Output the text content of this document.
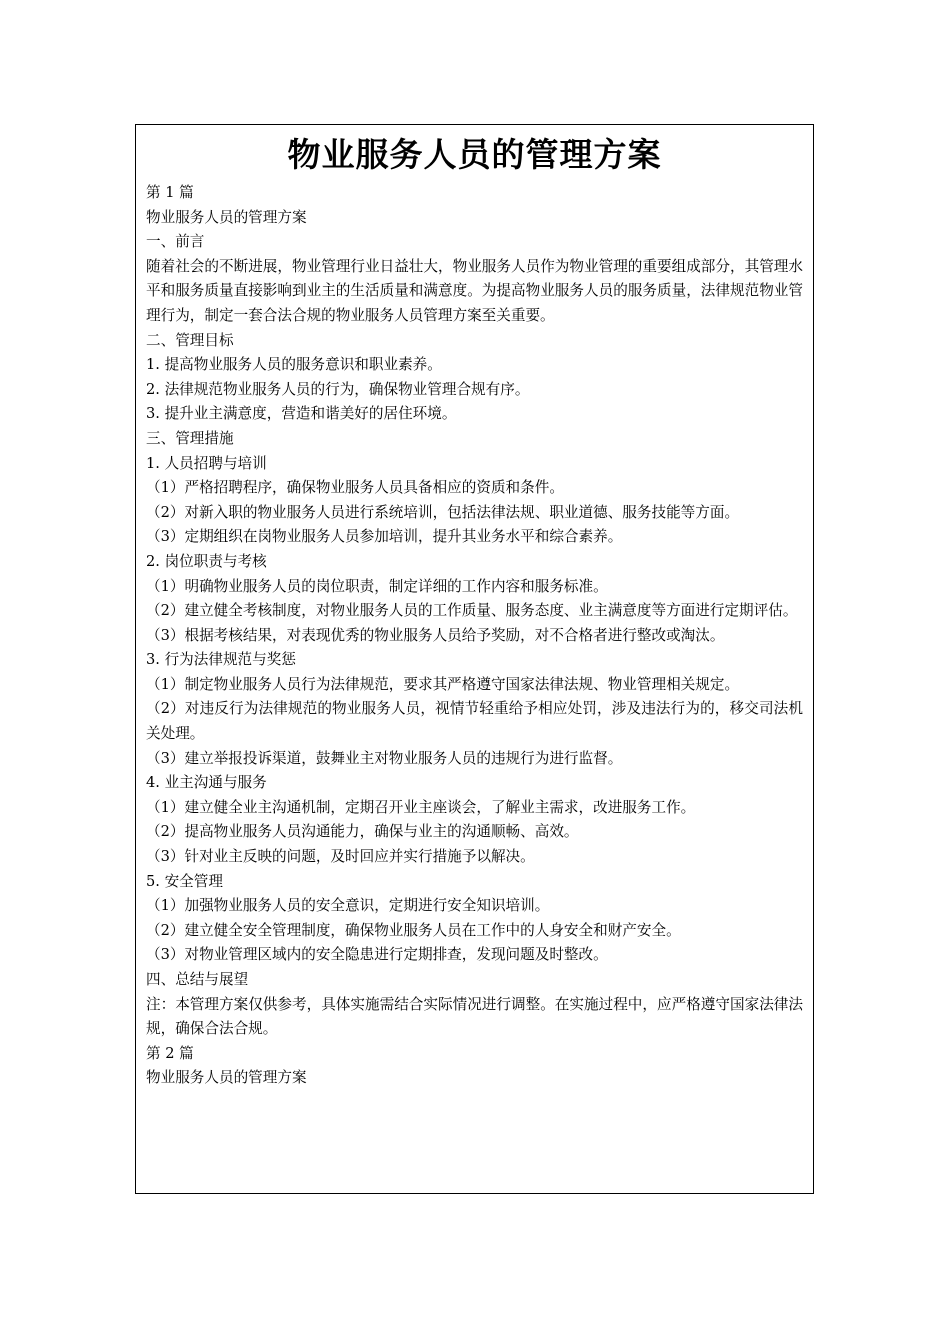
物业服务人员的管理方案

第 1 篇

物业服务人员的管理方案

一、前言

随着社会的不断进展，物业管理行业日益壮大，物业服务人员作为物业管理的重要组成部分，其管理水平和服务质量直接影响到业主的生活质量和满意度。为提高物业服务人员的服务质量，法律规范物业管理行为，制定一套合法合规的物业服务人员管理方案至关重要。

二、管理目标

1. 提高物业服务人员的服务意识和职业素养。

2. 法律规范物业服务人员的行为，确保物业管理合规有序。

3. 提升业主满意度，营造和谐美好的居住环境。

三、管理措施

1. 人员招聘与培训

（1）严格招聘程序，确保物业服务人员具备相应的资质和条件。

（2）对新入职的物业服务人员进行系统培训，包括法律法规、职业道德、服务技能等方面。

（3）定期组织在岗物业服务人员参加培训，提升其业务水平和综合素养。

2. 岗位职责与考核

（1）明确物业服务人员的岗位职责，制定详细的工作内容和服务标准。

（2）建立健全考核制度，对物业服务人员的工作质量、服务态度、业主满意度等方面进行定期评估。

（3）根据考核结果，对表现优秀的物业服务人员给予奖励，对不合格者进行整改或淘汰。

3. 行为法律规范与奖惩

（1）制定物业服务人员行为法律规范，要求其严格遵守国家法律法规、物业管理相关规定。

（2）对违反行为法律规范的物业服务人员，视情节轻重给予相应处罚，涉及违法行为的，移交司法机关处理。

（3）建立举报投诉渠道，鼓舞业主对物业服务人员的违规行为进行监督。

4. 业主沟通与服务

（1）建立健全业主沟通机制，定期召开业主座谈会，了解业主需求，改进服务工作。

（2）提高物业服务人员沟通能力，确保与业主的沟通顺畅、高效。

（3）针对业主反映的问题，及时回应并实行措施予以解决。

5. 安全管理

（1）加强物业服务人员的安全意识，定期进行安全知识培训。

（2）建立健全安全管理制度，确保物业服务人员在工作中的人身安全和财产安全。

（3）对物业管理区域内的安全隐患进行定期排查，发现问题及时整改。

四、总结与展望

注：本管理方案仅供参考，具体实施需结合实际情况进行调整。在实施过程中，应严格遵守国家法律法规，确保合法合规。

第 2 篇

物业服务人员的管理方案
